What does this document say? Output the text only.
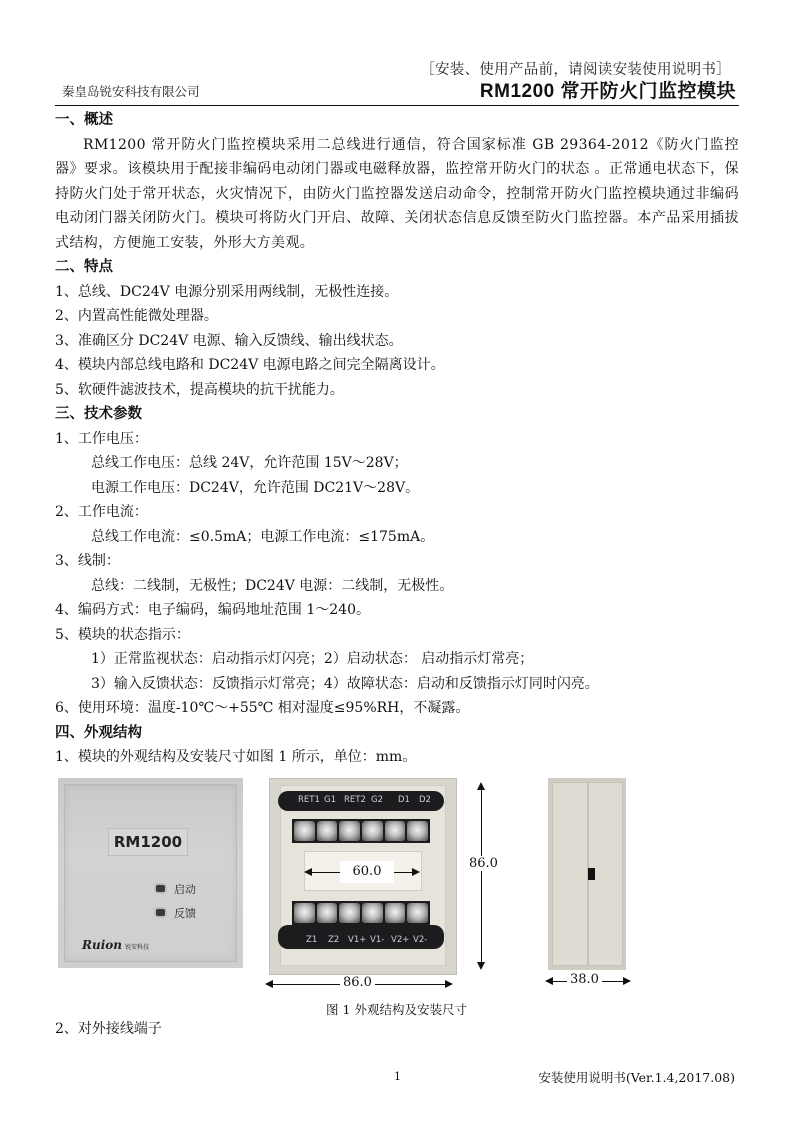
［安装、使用产品前，请阅读安装使用说明书］
秦皇岛锐安科技有限公司	RM1200 常开防火门监控模块
一、概述
RM1200 常开防火门监控模块采用二总线进行通信，符合国家标准 GB 29364-2012《防火门监控器》要求。该模块用于配接非编码电动闭门器或电磁释放器，监控常开防火门的状态 。正常通电状态下，保持防火门处于常开状态，火灾情况下，由防火门监控器发送启动命令，控制常开防火门监控模块通过非编码电动闭门器关闭防火门。模块可将防火门开启、故障、关闭状态信息反馈至防火门监控器。本产品采用插拔式结构，方便施工安装，外形大方美观。
二、特点
1、总线、DC24V 电源分别采用两线制，无极性连接。
2、内置高性能微处理器。
3、准确区分 DC24V 电源、输入反馈线、输出线状态。
4、模块内部总线电路和 DC24V 电源电路之间完全隔离设计。
5、软硬件滤波技术，提高模块的抗干扰能力。
三、技术参数
1、工作电压：
总线工作电压：总线 24V，允许范围 15V～28V；
电源工作电压：DC24V，允许范围 DC21V～28V。
2、工作电流：
总线工作电流：≤0.5mA；电源工作电流：≤175mA。
3、线制：
总线：二线制，无极性；DC24V 电源：二线制，无极性。
4、编码方式：电子编码，编码地址范围 1～240。
5、模块的状态指示：
1）正常监视状态：启动指示灯闪亮；2）启动状态： 启动指示灯常亮；
3）输入反馈状态：反馈指示灯常亮；4）故障状态：启动和反馈指示灯同时闪亮。
6、使用环境：温度-10℃～+55℃ 相对湿度≤95%RH，不凝露。
四、外观结构
1、模块的外观结构及安装尺寸如图 1 所示，单位：mm。
RM1200
启动
反馈
Ruion 锐安科技
RET1 G1 RET2 G2 D1 D2
60.0
Z1 Z2 V1+ V1- V2+ V2-
86.0
86.0	38.0
图 1 外观结构及安装尺寸
2、对外接线端子
1	安装使用说明书(Ver.1.4,2017.08)
